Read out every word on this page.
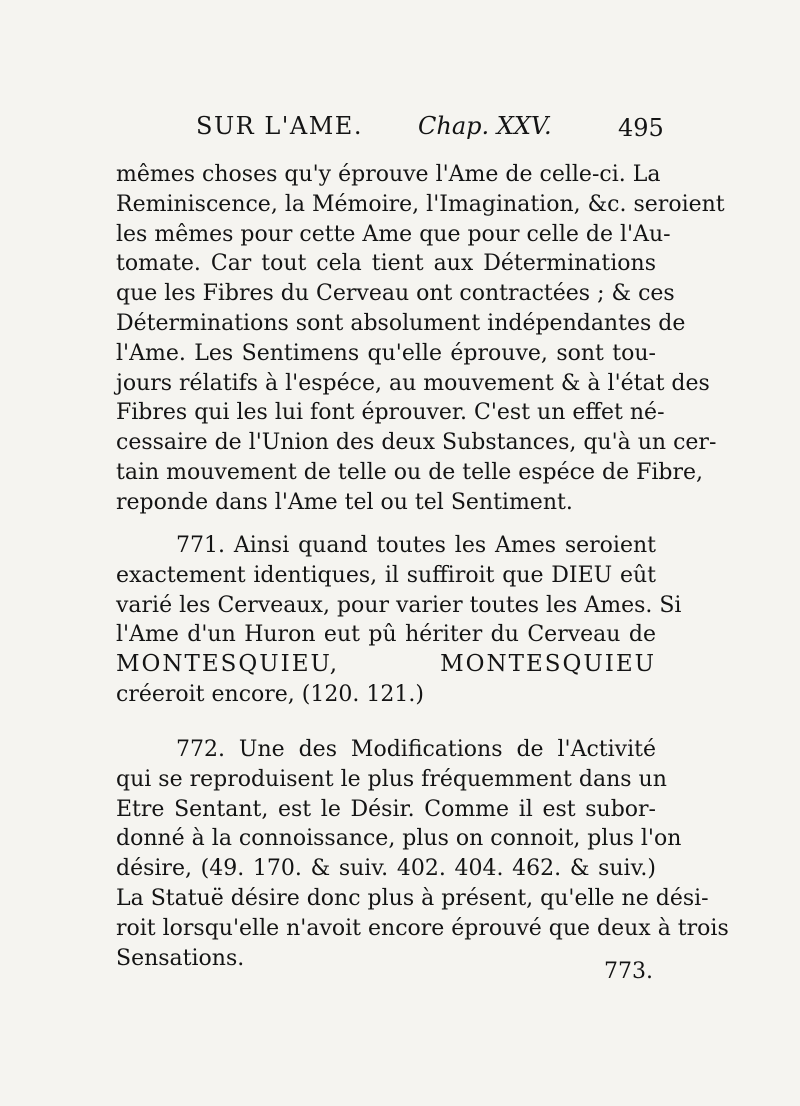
SUR L'AME. Chap. XXV.	495
mêmes choses qu'y éprouve l'Ame de celle-ci. La
Reminiscence, la Mémoire, l'Imagination, &c. seroient
les mêmes pour cette Ame que pour celle de l'Au-
tomate. Car tout cela tient aux Déterminations
que les Fibres du Cerveau ont contractées ; & ces
Déterminations sont absolument indépendantes de
l'Ame. Les Sentimens qu'elle éprouve, sont tou-
jours rélatifs à l'espéce, au mouvement & à l'état des
Fibres qui les lui font éprouver. C'est un effet né-
cessaire de l'Union des deux Substances, qu'à un cer-
tain mouvement de telle ou de telle espéce de Fibre,
reponde dans l'Ame tel ou tel Sentiment.
771. Ainsi quand toutes les Ames seroient
exactement identiques, il suffiroit que DIEU eût
varié les Cerveaux, pour varier toutes les Ames. Si
l'Ame d'un Huron eut pû hériter du Cerveau de
MONTESQUIEU, MONTESQUIEU
créeroit encore, (120. 121.)
772. Une des Modifications de l'Activité
qui se reproduisent le plus fréquemment dans un
Etre Sentant, est le Désir. Comme il est subor-
donné à la connoissance, plus on connoit, plus l'on
désire, (49. 170. & suiv. 402. 404. 462. & suiv.)
La Statuë désire donc plus à présent, qu'elle ne dési-
roit lorsqu'elle n'avoit encore éprouvé que deux à trois
Sensations.
773.
